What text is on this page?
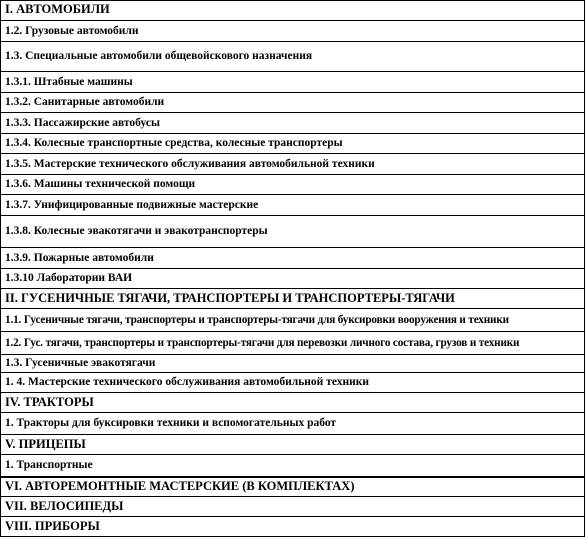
I. АВТОМОБИЛИ
1.2. Грузовые автомобили
1.3. Специальные автомобили общевойскового назначения
1.3.1. Штабные машины
1.3.2. Санитарные автомобили
1.3.3. Пассажирские автобусы
1.3.4. Колесные транспортные средства, колесные транспортеры
1.3.5. Мастерские технического обслуживания автомобильной техники
1.3.6. Машины технической помощи
1.3.7. Унифицированные подвижные мастерские
1.3.8. Колесные эвакотягачи и эвакотранспортеры
1.3.9. Пожарные автомобили
1.3.10 Лаборатории ВАИ
II. ГУСЕНИЧНЫЕ ТЯГАЧИ, ТРАНСПОРТЕРЫ И ТРАНСПОРТЕРЫ-ТЯГАЧИ
1.1. Гусеничные тягачи, транспортеры и транспортеры-тягачи для буксировки вооружения и техники
1.2. Гус. тягачи, транспортеры и транспортеры-тягачи для перевозки личного состава, грузов и техники
1.3. Гусеничные эвакотягачи
1. 4. Мастерские технического обслуживания автомобильной техники
IV. ТРАКТОРЫ
1. Тракторы для буксировки техники и вспомогательных работ
V. ПРИЦЕПЫ
1. Транспортные
VI. АВТОРЕМОНТНЫЕ МАСТЕРСКИЕ (В КОМПЛЕКТАХ)
VII. ВЕЛОСИПЕДЫ
VIII. ПРИБОРЫ
